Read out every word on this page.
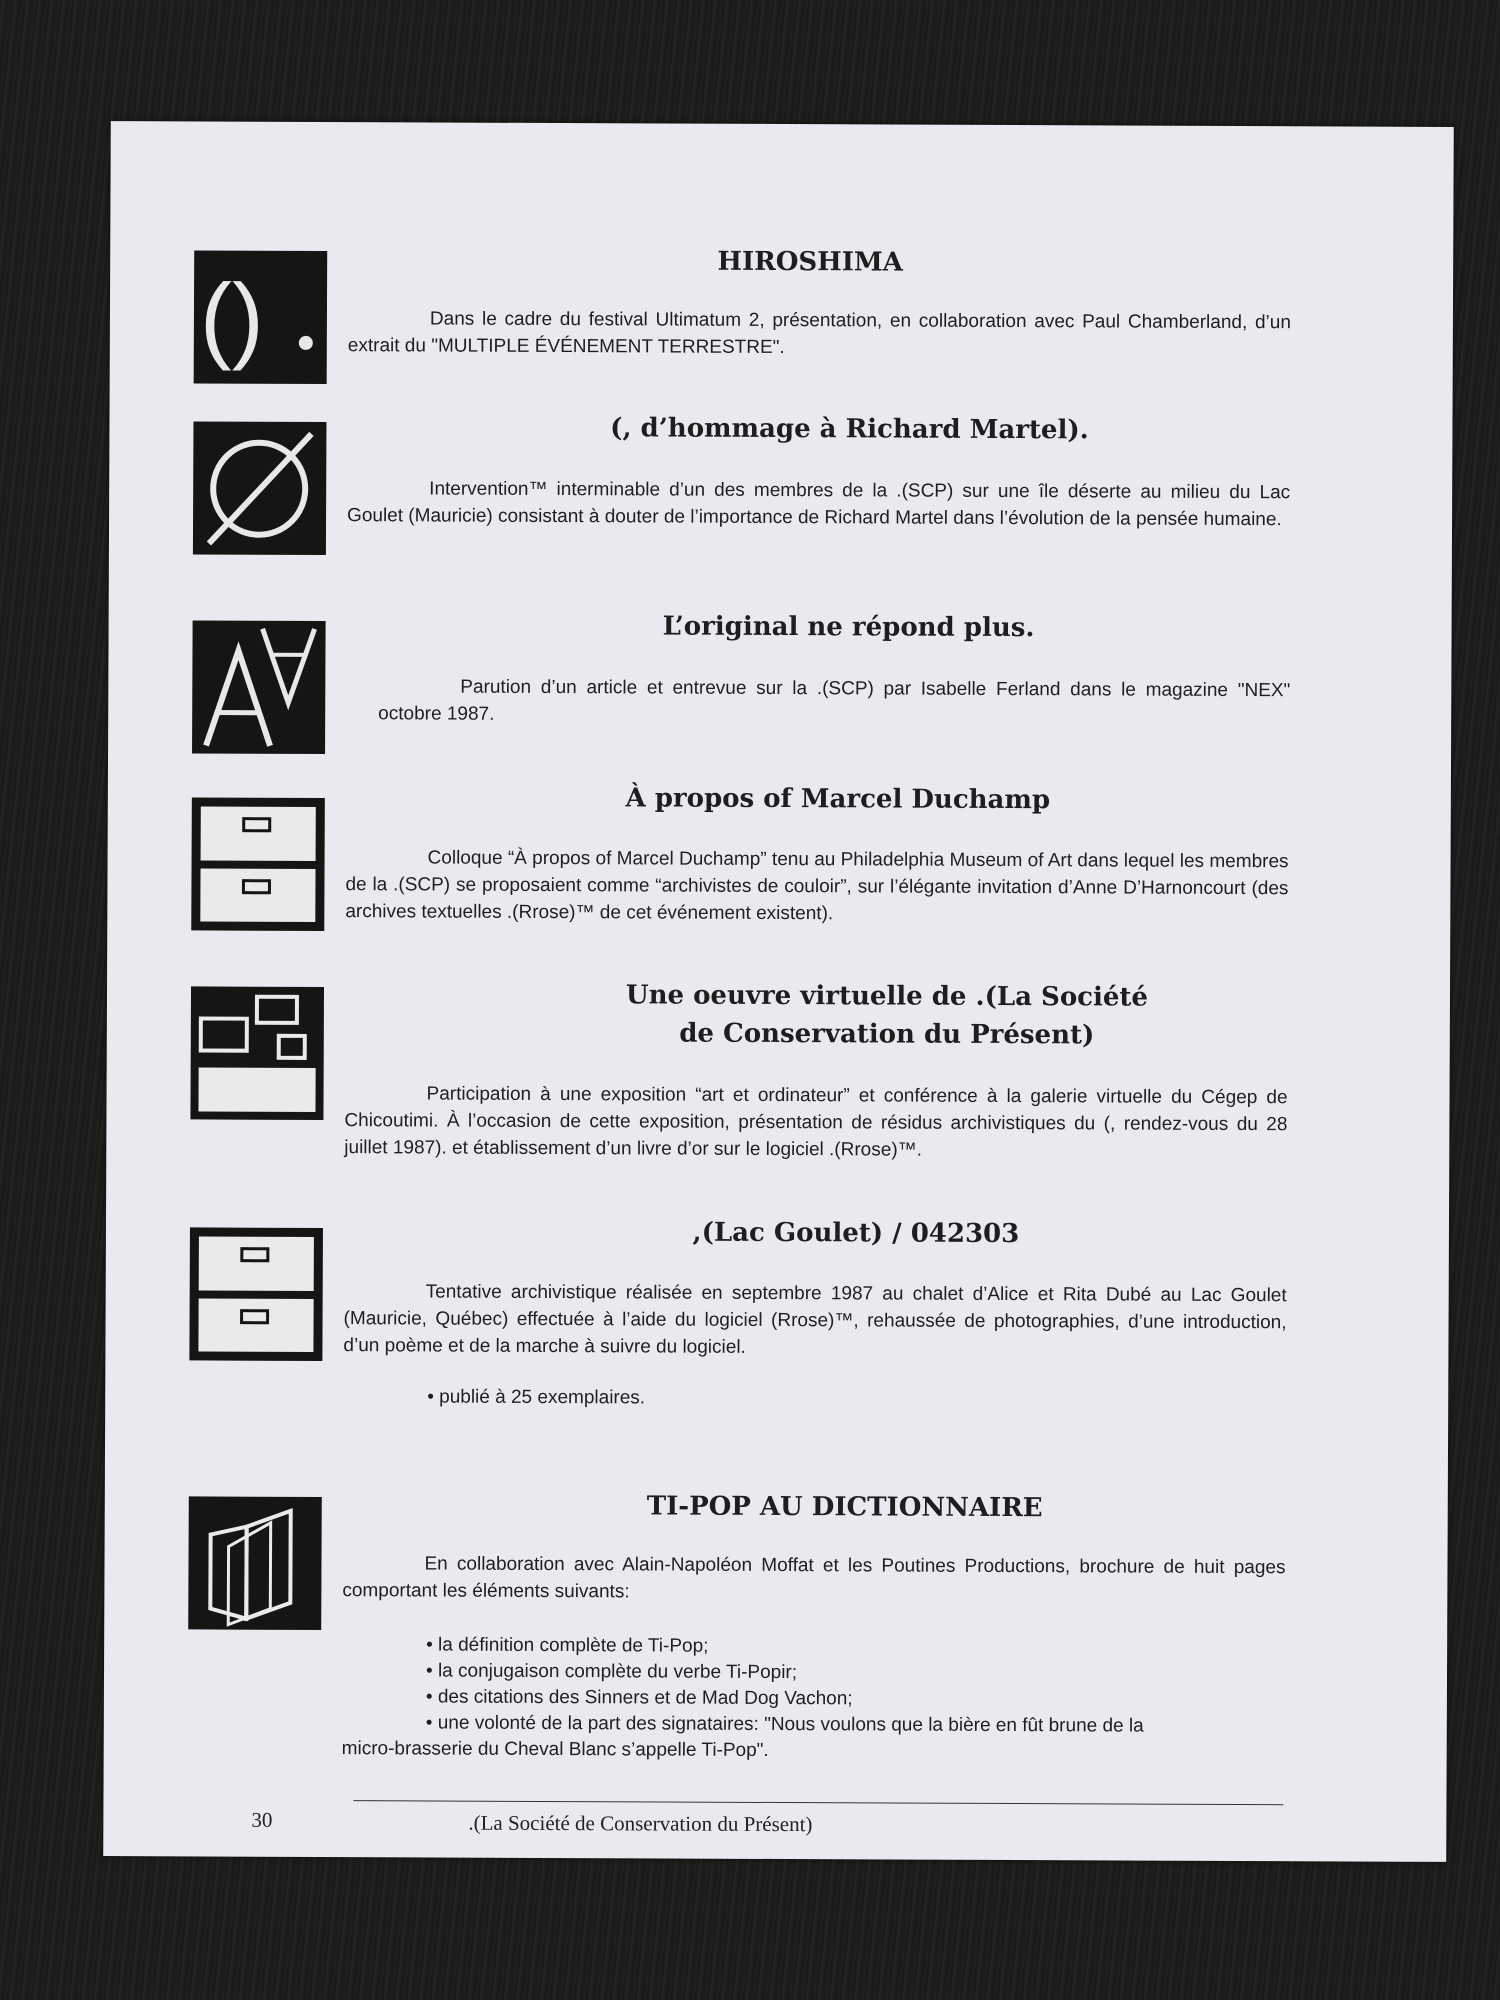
()
HIROSHIMA

Dans le cadre du festival Ultimatum 2, présentation, en collaboration avec Paul Chamberland, d’un extrait du "MULTIPLE ÉVÉNEMENT TERRESTRE".

(, d’hommage à Richard Martel).

Intervention™ interminable d’un des membres de la .(SCP) sur une île déserte au milieu du Lac Goulet (Mauricie) consistant à douter de l’importance de Richard Martel dans l’évolution de la pensée humaine.

L’original ne répond plus.

Parution d’un article et entrevue sur la .(SCP) par Isabelle Ferland dans le magazine "NEX" octobre 1987.

À propos of Marcel Duchamp

Colloque “À propos of Marcel Duchamp” tenu au Philadelphia Museum of Art dans lequel les membres de la .(SCP) se proposaient comme “archivistes de couloir”, sur l’élégante invitation d’Anne D’Harnoncourt (des archives textuelles .(Rrose)™ de cet événement existent).

Une oeuvre virtuelle de .(La Société de Conservation du Présent)

Participation à une exposition “art et ordinateur” et conférence à la galerie virtuelle du Cégep de Chicoutimi. À l’occasion de cette exposition, présentation de résidus archivistiques du (, rendez-vous du 28 juillet 1987). et établissement d’un livre d’or sur le logiciel .(Rrose)™.

,(Lac Goulet) / 042303

Tentative archivistique réalisée en septembre 1987 au chalet d’Alice et Rita Dubé au Lac Goulet (Mauricie, Québec) effectuée à l’aide du logiciel (Rrose)™, rehaussée de photographies, d’une introduction, d’un poème et de la marche à suivre du logiciel.

• publié à 25 exemplaires.
TI-POP AU DICTIONNAIRE

En collaboration avec Alain-Napoléon Moffat et les Poutines Productions, brochure de huit pages comportant les éléments suivants:

• la définition complète de Ti-Pop;
• la conjugaison complète du verbe Ti-Popir;
• des citations des Sinners et de Mad Dog Vachon;
• une volonté de la part des signataires: "Nous voulons que la bière en fût brune de la
micro-brasserie du Cheval Blanc s’appelle Ti-Pop".
30	.(La Société de Conservation du Présent)
